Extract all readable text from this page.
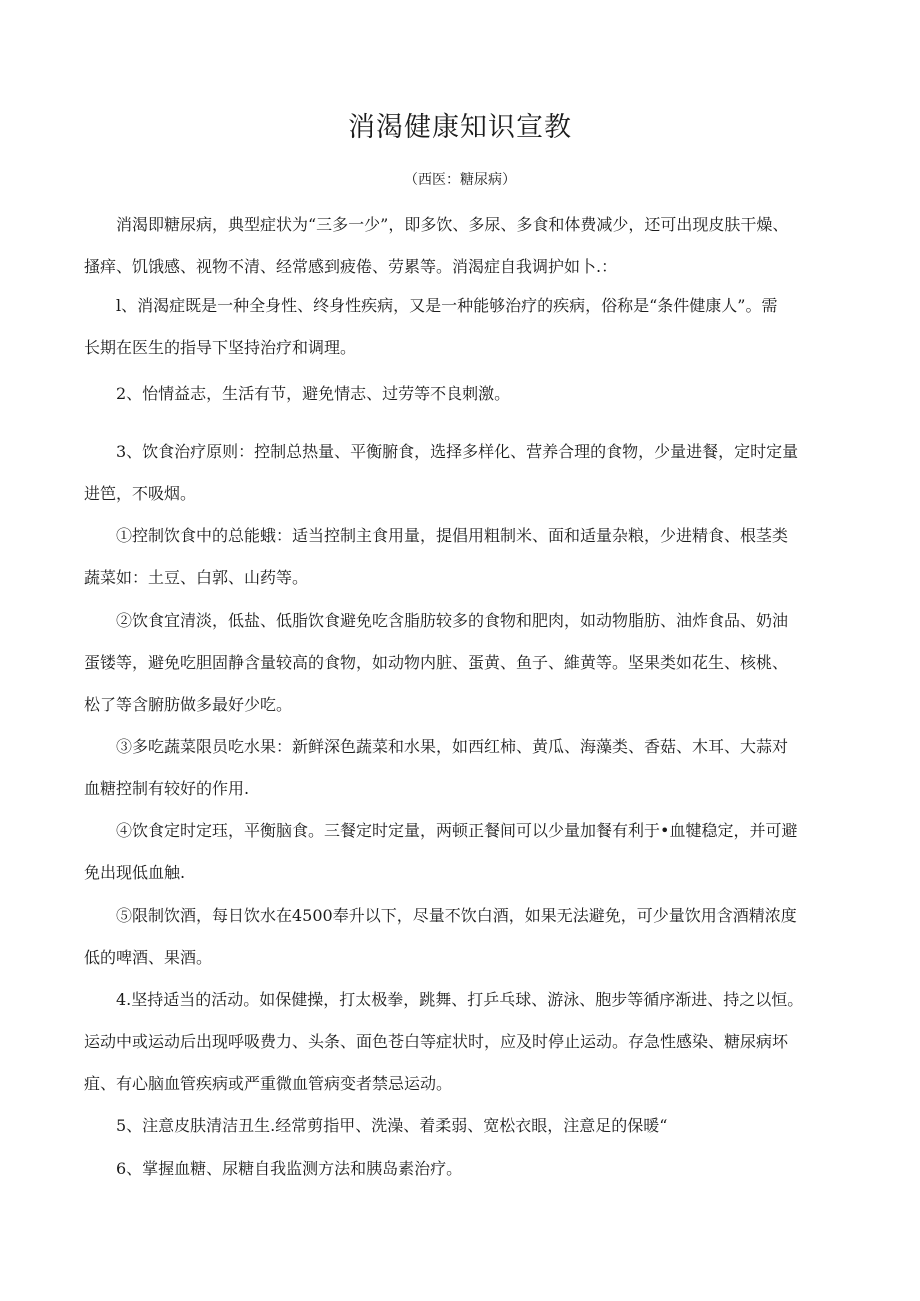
消渴健康知识宣教
（西医：糖尿病）
消渴即糖尿病，典型症状为“三多一少”，即多饮、多尿、多食和体费减少，还可出现皮肤干燥、
搔痒、饥饿感、视物不清、经常感到疲倦、劳累等。消渴症自我调护如卜.：
l、消渴症既是一种全身性、终身性疾病，又是一种能够治疗的疾病，俗称是“条件健康人”。需
长期在医生的指导下坚持治疗和调理。
2、怡情益志，生活有节，避免情志、过劳等不良刺激。
3、饮食治疗原则：控制总热量、平衡腑食，选择多样化、营养合理的食物，少量进餐，定时定量
进笆，不吸烟。
①控制饮食中的总能蛾：适当控制主食用量，提倡用粗制米、面和适量杂粮，少进精食、根茎类
蔬菜如：土豆、白郭、山药等。
②饮食宜清淡，低盐、低脂饮食避免吃含脂肪较多的食物和肥肉，如动物脂肪、油炸食品、奶油
蛋镂等，避免吃胆固静含量较高的食物，如动物内脏、蛋黄、鱼子、維黄等。坚果类如花生、核桃、
松了等含腑肪做多最好少吃。
③多吃蔬菜限员吃水果：新鲜深色蔬菜和水果，如西红柿、黄瓜、海藻类、香菇、木耳、大蒜对
血糖控制有较好的作用.
④饮食定时定珏，平衡脑食。三餐定时定量，两顿正餐间可以少量加餐有利于•血犍稳定，并可避
免出现低血触.
⑤限制饮酒，每日饮水在4500奉升以下，尽量不饮白酒，如果无法避免，可少量饮用含酒精浓度
低的啤酒、果酒。
4.坚持适当的活动。如保健操，打太极拳，跳舞、打乒乓球、游泳、胞步等循序渐进、持之以恒。
运动中或运动后出现呼吸费力、头条、面色苍白等症状时，应及时停止运动。存急性感染、糖尿病坏
疽、有心脑血管疾病或严重微血管病变者禁忌运动。
5、注意皮肤清洁丑生.经常剪指甲、洗澡、着柔弱、宽松衣眼，注意足的保暖“
6、掌握血糖、尿糖自我监测方法和胰岛素治疗。
